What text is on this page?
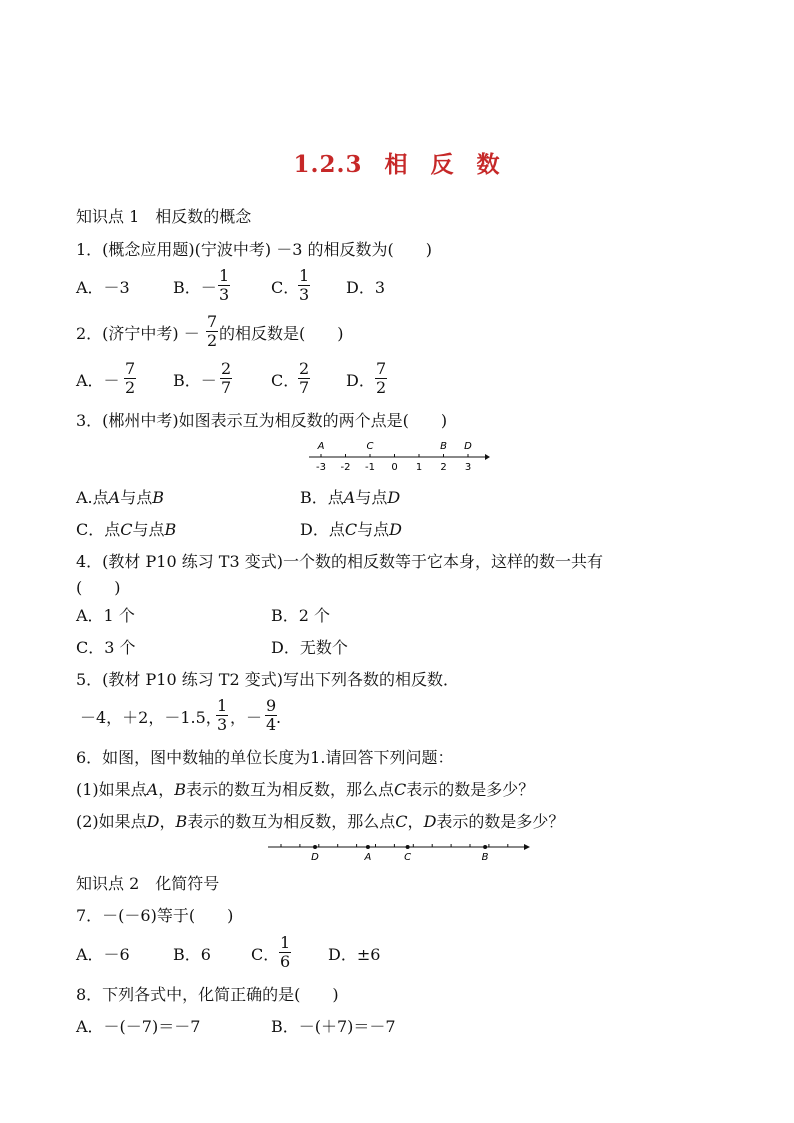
1.2.3 相 反 数
知识点 1　相反数的概念
1．(概念应用题)(宁波中考) －3 的相反数为(　　)
A．－3	B．－
1
3	C．
1
3 D．3
2．(济宁中考) －
7
2 的相反数是(　　)
A．－
7
2 B．－
2
7 C．
2
7 D．
7
2
3．(郴州中考)如图表示互为相反数的两个点是(　　)
-3 -2 -1 0 1 2 3
A	C	B D
A.点A与点B	B．点A与点D
C．点C与点B	D．点C与点D
4．(教材 P10 练习 T3 变式)一个数的相反数等于它本身，这样的数一共有
(　　)
A．1 个	B．2 个
C．3 个	D．无数个
5．(教材 P10 练习 T2 变式)写出下列各数的相反数．
－4，＋2，－1.5，
1
3 ，－
9
4 .
6．如图，图中数轴的单位长度为1.请回答下列问题：
(1)如果点A，B表示的数互为相反数，那么点C表示的数是多少？
(2)如果点D，B表示的数互为相反数，那么点C，D表示的数是多少？
D	A	C	B
知识点 2　化简符号
7．－(－6)等于(　　)
A．－6	B．6	C．
1
6 D．±6
8．下列各式中，化简正确的是(　　)
A．－(－7)＝－7	B．－(＋7)＝－7
